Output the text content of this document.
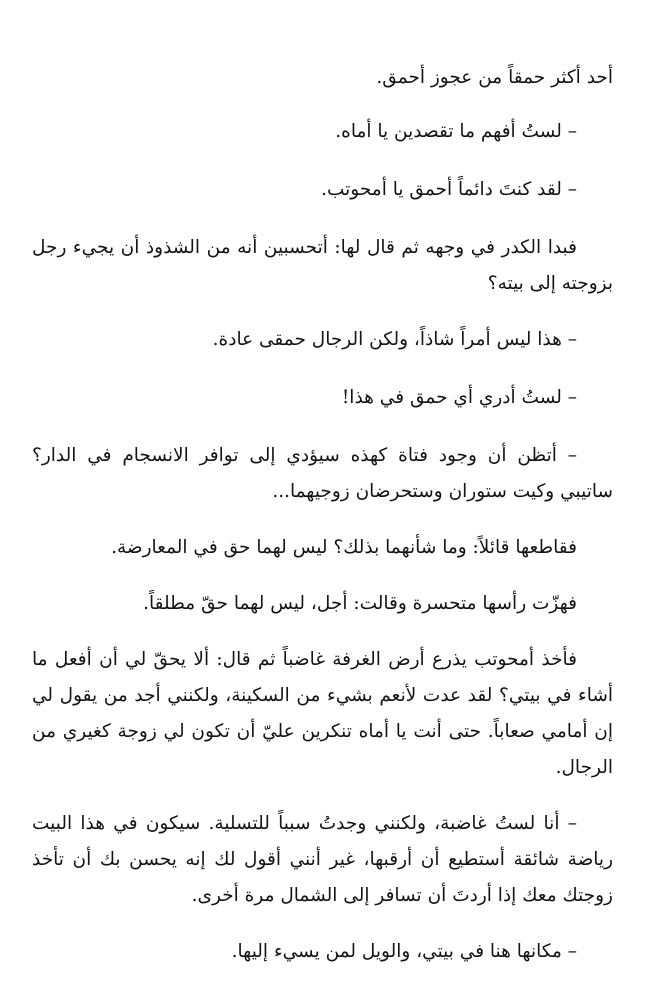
أحد أكثر حمقاً من عجوز أحمق.

– لستُ أفهم ما تقصدين يا أماه.

– لقد كنتَ دائماً أحمق يا أمحوتب.

فبدا الكدر في وجهه ثم قال لها: أتحسبين أنه من الشذوذ أن يجيء رجل بزوجته إلى بيته؟

– هذا ليس أمراً شاذاً، ولكن الرجال حمقى عادة.

– لستُ أدري أي حمق في هذا!

– أتظن أن وجود فتاة كهذه سيؤدي إلى توافر الانسجام في الدار؟ ساتيبي وكيت ستوران وستحرضان زوجيهما...

فقاطعها قائلاً: وما شأنهما بذلك؟ ليس لهما حق في المعارضة.

فهزّت رأسها متحسرة وقالت: أجل، ليس لهما حقّ مطلقاً.

فأخذ أمحوتب يذرع أرض الغرفة غاضباً ثم قال: ألا يحقّ لي أن أفعل ما أشاء في بيتي؟ لقد عدت لأنعم بشيء من السكينة، ولكنني أجد من يقول لي إن أمامي صعاباً. حتى أنت يا أماه تنكرين عليّ أن تكون لي زوجة كغيري من الرجال.

– أنا لستُ غاضبة، ولكنني وجدتُ سبباً للتسلية. سيكون في هذا البيت رياضة شائقة أستطيع أن أرقبها، غير أنني أقول لك إنه يحسن بك أن تأخذ زوجتك معك إذا أردتَ أن تسافر إلى الشمال مرة أخرى.

– مكانها هنا في بيتي، والويل لمن يسيء إليها.
